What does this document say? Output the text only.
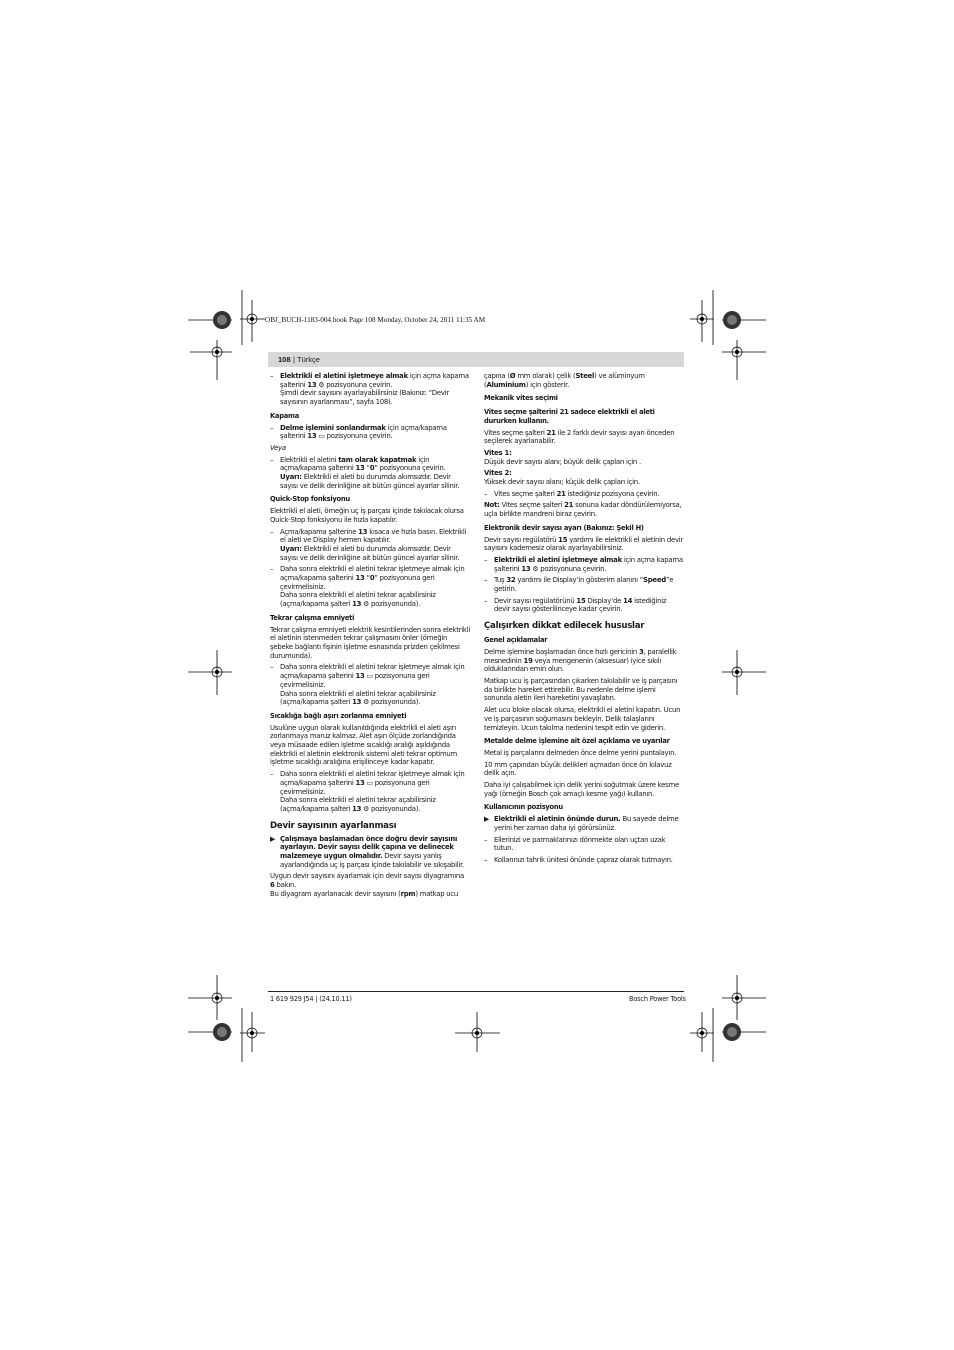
OBJ_BUCH-1183-004.book Page 108 Monday, October 24, 2011 11:35 AM
108 | Türkçe
– Elektrikli el aletini işletmeye almak için açma kapama şalterini 13 ⚙ pozisyonuna çevirin.
Şimdi devir sayısını ayarlayabilirsiniz (Bakınız: “Devir sayısının ayarlanması”, sayfa 108).
Kapama
– Delme işlemini sonlandırmak için açma/kapama şalterini 13 ▭ pozisyonuna çevirin.
Veya
– Elektrikli el aletini tam olarak kapatmak için açma/kapama şalterini 13 “0” pozisyonuna çevirin.
Uyarı: Elektrikli el aleti bu durumda akımsızdır. Devir sayısı ve delik derinliğine ait bütün güncel ayarlar silinir.
Quick-Stop fonksiyonu
Elektrikli el aleti, örneğin uç iş parçası içinde takılacak olursa Quick-Stop fonksiyonu ile hızla kapatılır.
– Açma/kapama şalterine 13 kısaca ve hızla basın. Elektrikli el aleti ve Display hemen kapatılır.
Uyarı: Elektrikli el aleti bu durumda akımsızdır. Devir sayısı ve delik derinliğine ait bütün güncel ayarlar silinir.
– Daha sonra elektrikli el aletini tekrar işletmeye almak için açma/kapama şalterini 13 “0” pozisyonuna geri çevirmelisiniz.
Daha sonra elektrikli el aletini tekrar açabilirsiniz (açma/kapama şalteri 13 ⚙ pozisyonunda).
Tekrar çalışma emniyeti
Tekrar çalışma emniyeti elektrik kesintilerinden sonra elektrikli el aletinin istenmeden tekrar çalışmasını önler (örneğin şebeke bağlantı fişinin işletme esnasında prizden çekilmesi durumunda).
– Daha sonra elektrikli el aletini tekrar işletmeye almak için açma/kapama şalterini 13 ▭ pozisyonuna geri çevirmelisiniz.
Daha sonra elektrikli el aletini tekrar açabilirsiniz (açma/kapama şalteri 13 ⚙ pozisyonunda).
Sıcaklığa bağlı aşırı zorlanma emniyeti
Usulüne uygun olarak kullanıldığında elektrikli el aleti aşırı zorlanmaya maruz kalmaz. Alet aşırı ölçüde zorlandığında veya müsaade edilen işletme sıcaklığı aralığı aşıldığında elektrikli el aletinin elektronik sistemi aleti tekrar optimum işletme sıcaklığı aralığına erişilinceye kadar kapatır.
– Daha sonra elektrikli el aletini tekrar işletmeye almak için açma/kapama şalterini 13 ▭ pozisyonuna geri çevirmelisiniz.
Daha sonra elektrikli el aletini tekrar açabilirsiniz (açma/kapama şalteri 13 ⚙ pozisyonunda).
Devir sayısının ayarlanması
▶ Çalışmaya başlamadan önce doğru devir sayısını ayarlayın. Devir sayısı delik çapına ve delinecek malzemeye uygun olmalıdır. Devir sayısı yanlış ayarlandığında uç iş parçası içinde takılabilir ve sıkışabilir.
Uygun devir sayısını ayarlamak için devir sayısı diyagramına 6 bakın.
Bu diyagram ayarlanacak devir sayısını (rpm) matkap ucu
çapına (Ø mm olarak) çelik (Steel) ve alüminyum (Aluminium) için gösterir.
Mekanik vites seçimi
Vites seçme şalterini 21 sadece elektrikli el aleti dururken kullanın.
Vites seçme şalteri 21 ile 2 farklı devir sayısı ayarı önceden seçilerek ayarlanabilir.
Vites 1:
Düşük devir sayısı alanı; büyük delik çapları için .
Vites 2:
Yüksek devir sayısı alanı; küçük delik çapları için.
– Vites seçme şalteri 21 istediğiniz pozisyona çevirin.
Not: Vites seçme şalteri 21 sonuna kadar döndürülemiyorsa, uçla birlikte mandreni biraz çevirin.
Elektronik devir sayısı ayarı (Bakınız: Şekil H)
Devir sayısı regülatörü 15 yardımı ile elektrikli el aletinin devir sayısını kademesiz olarak ayarlayabilirsiniz.
– Elektrikli el aletini işletmeye almak için açma kapama şalterini 13 ⚙ pozisyonuna çevirin.
– Tuş 32 yardımı ile Display’in gösterim alanını “Speed”e getirin.
– Devir sayısı regülatörünü 15 Display’de 14 istediğiniz devir sayısı gösterilinceye kadar çevirin.
Çalışırken dikkat edilecek hususlar
Genel açıklamalar
Delme işlemine başlamadan önce hızlı gericinin 3, paralellik mesnedinin 19 veya mengenenin (aksesuar) iyice sıkılı olduklarından emin olun.
Matkap ucu iş parçasından çıkarken takılabilir ve iş parçasını da birlikte hareket ettirebilir. Bu nedenle delme işlemi sonunda aletin ileri hareketini yavaşlatın.
Alet ucu bloke olacak olursa, elektrikli el aletini kapatın. Ucun ve iş parçasının soğumasını bekleyin. Delik talaşlarını temizleyin. Ucun takılma nedenini tespit edin ve giderin.
Metalde delme işlemine ait özel açıklama ve uyarılar
Metal iş parçalarını delmeden önce delme yerini puntalayın.
10 mm çapından büyük delikleri açmadan önce ön kılavuz delik açın.
Daha iyi çalışabilmek için delik yerini soğutmak üzere kesme yağı (örneğin Bosch çok amaçlı kesme yağı) kullanın.
Kullanıcının pozisyonu
▶ Elektrikli el aletinin önünde durun. Bu sayede delme yerini her zaman daha iyi görürsünüz.
– Ellerinizi ve parmaklarınızı dönmekte olan uçtan uzak tutun.
– Kollarınızı tahrik ünitesi önünde çapraz olarak tutmayın.
1 619 929 J54 | (24.10.11)	Bosch Power Tools
